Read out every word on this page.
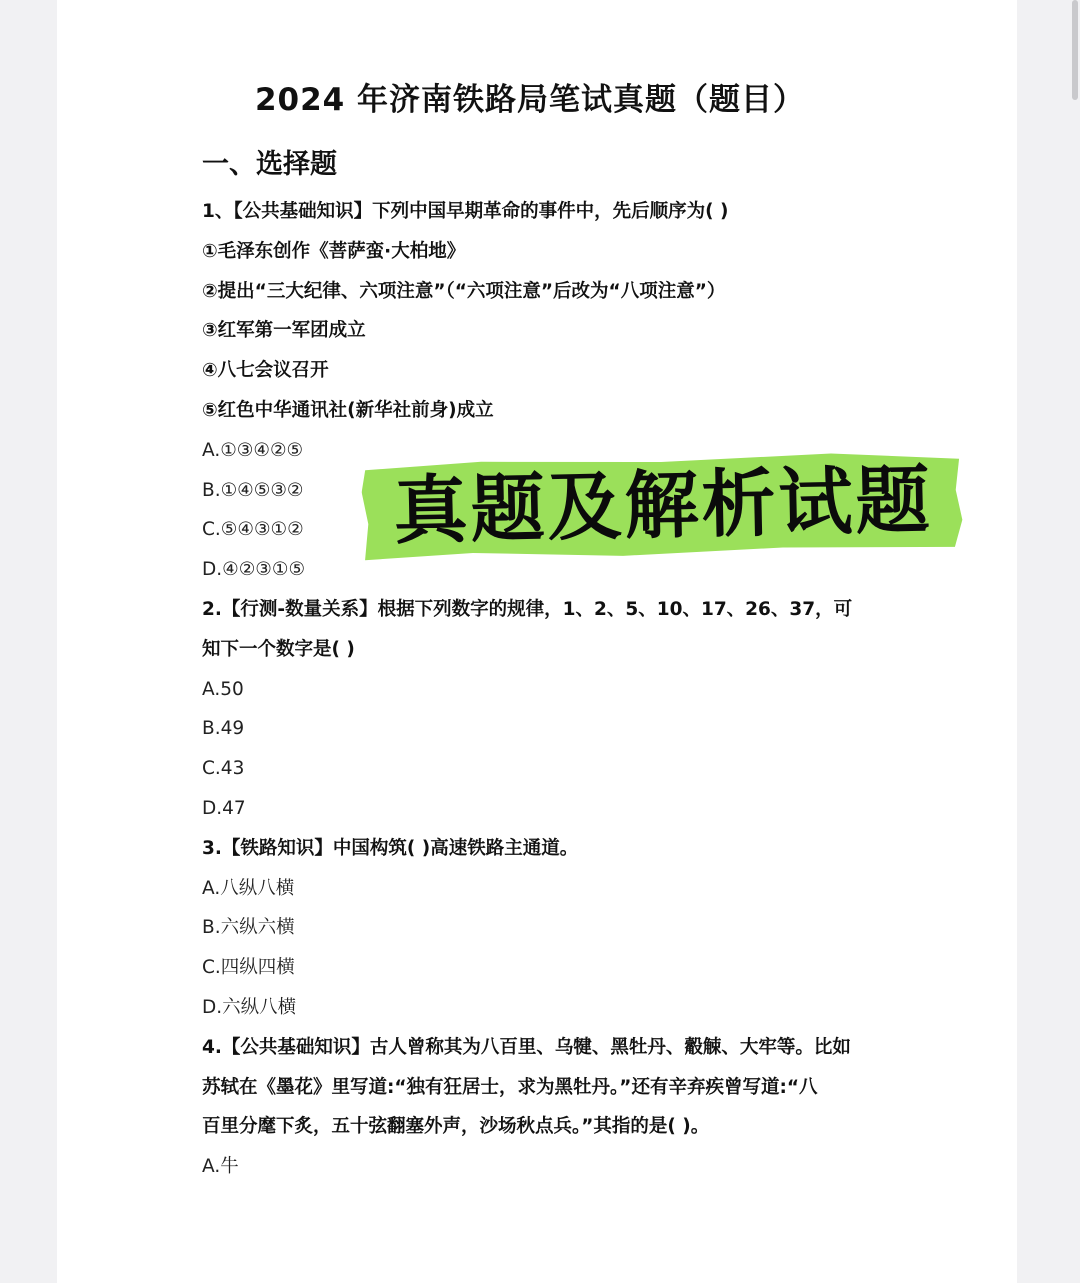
2024 年济南铁路局笔试真题（题目）
一、选择题
1、【公共基础知识】下列中国早期革命的事件中，先后顺序为( )
①毛泽东创作《菩萨蛮·大柏地》
②提出“三大纪律、六项注意”（“六项注意”后改为“八项注意”）
③红军第一军团成立
④八七会议召开
⑤红色中华通讯社(新华社前身)成立
A.①③④②⑤
B.①④⑤③②
C.⑤④③①②
D.④②③①⑤
2.【行测-数量关系】根据下列数字的规律，1、2、5、10、17、26、37，可
知下一个数字是( )
A.50
B.49
C.43
D.47
3.【铁路知识】中国构筑( )高速铁路主通道。
A.八纵八横
B.六纵六横
C.四纵四横
D.六纵八横
4.【公共基础知识】古人曾称其为八百里、乌犍、黑牡丹、觳觫、大牢等。比如
苏轼在《墨花》里写道:“独有狂居士，求为黑牡丹。”还有辛弃疾曾写道:“八
百里分麾下炙，五十弦翻塞外声，沙场秋点兵。”其指的是( )。
A.牛
真题及解析试题
